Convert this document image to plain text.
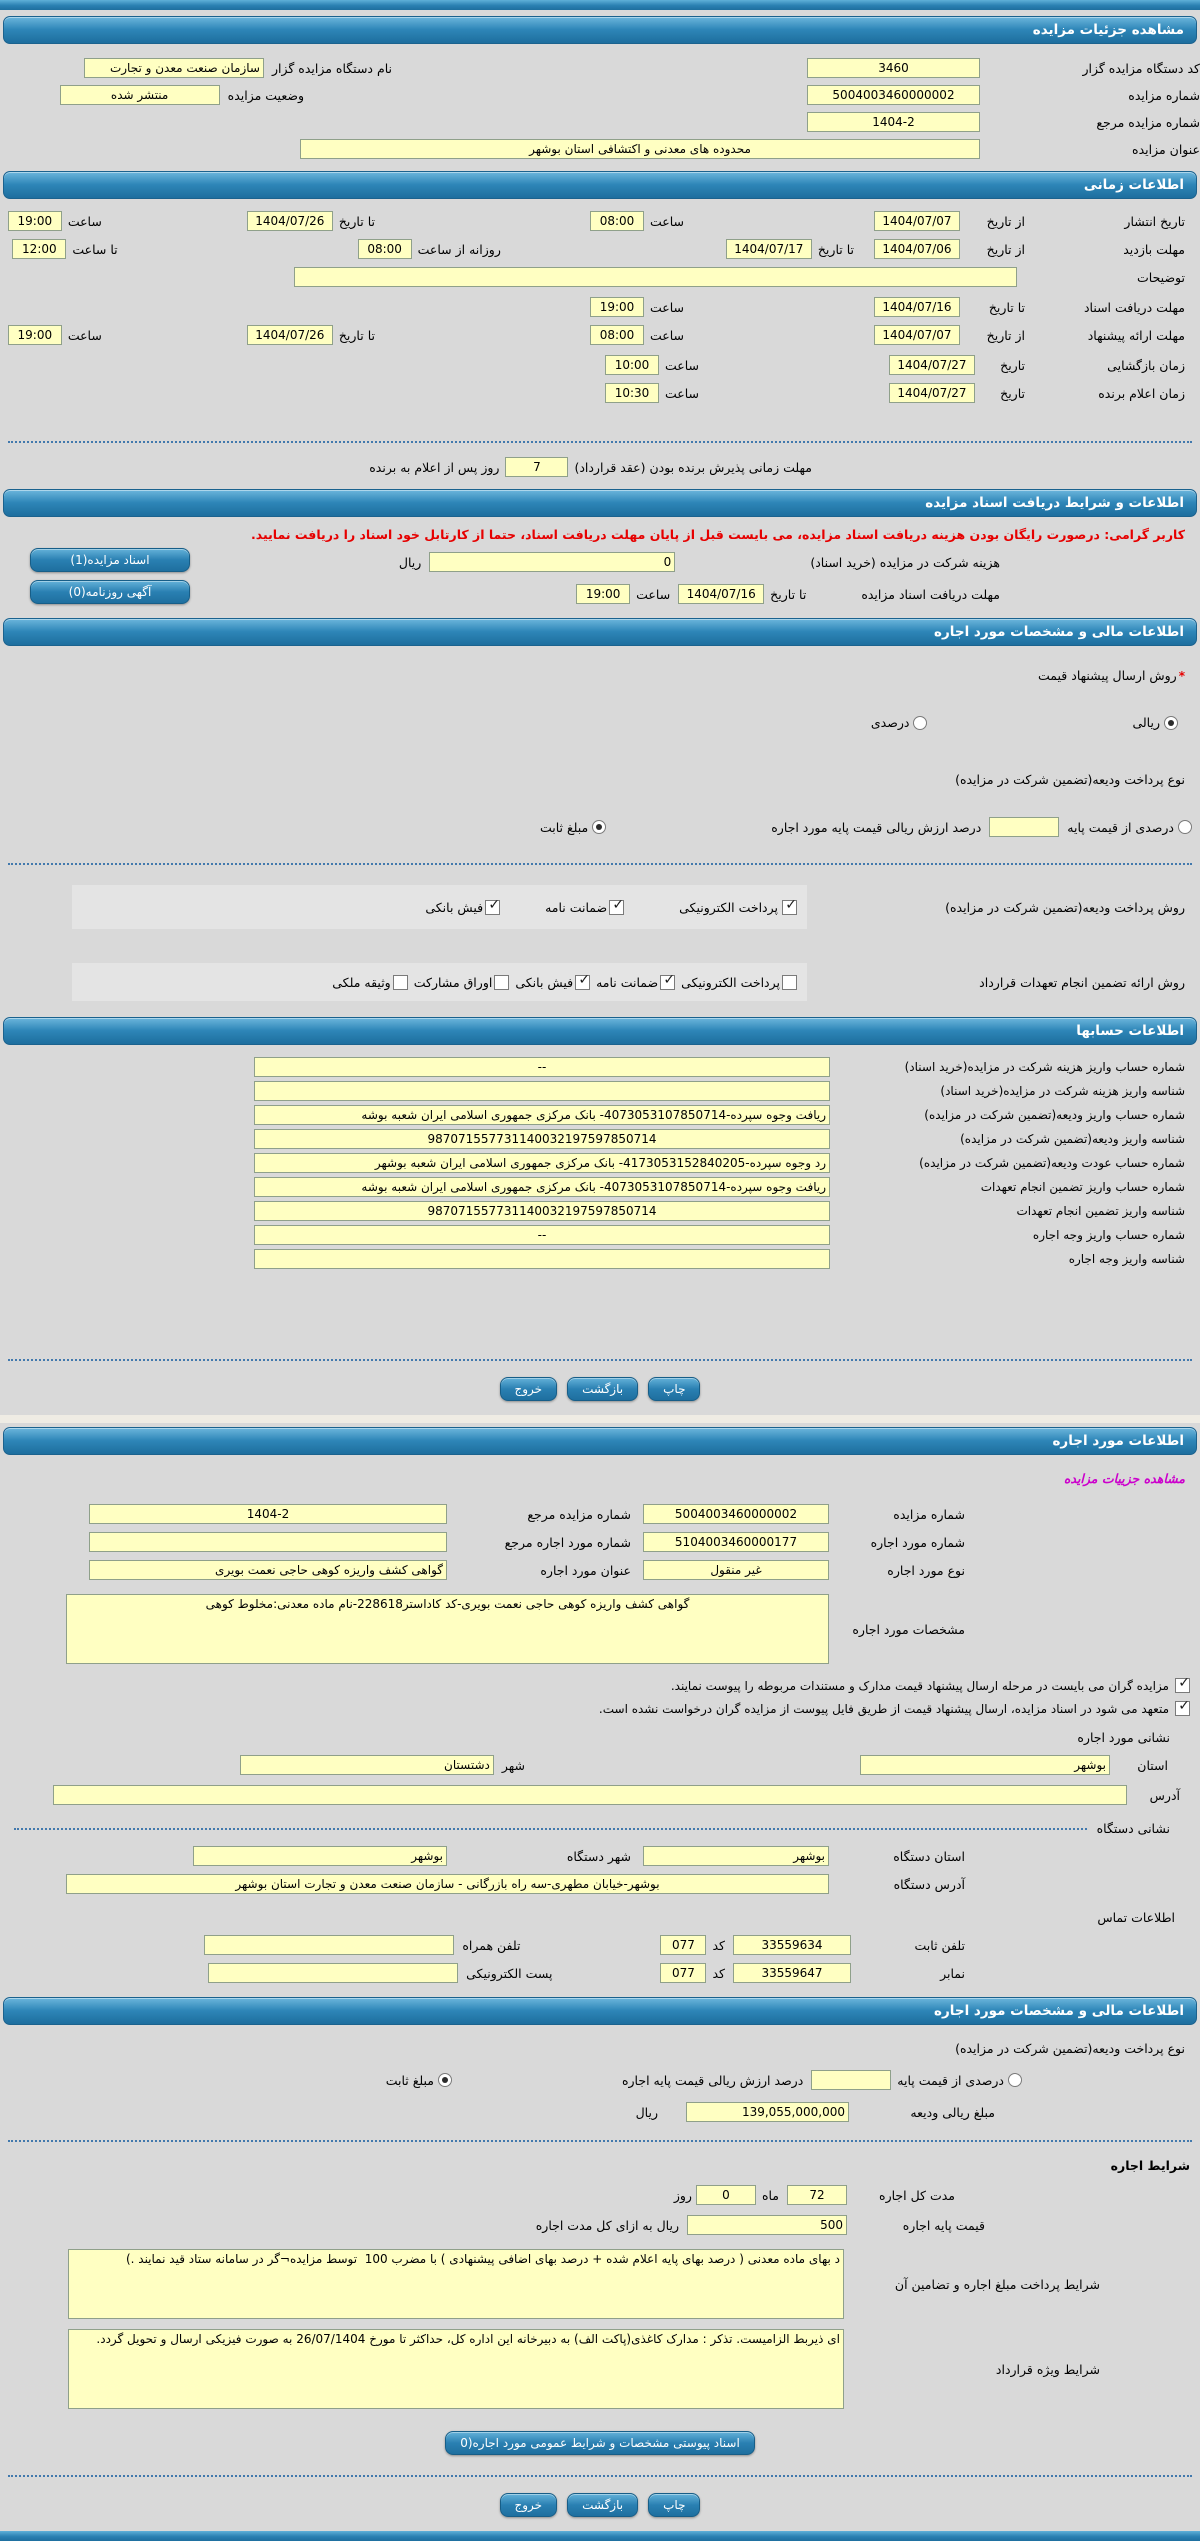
مشاهده جزئیات مزایده
کد دستگاه مزایده گزار
3460
نام دستگاه مزایده گزار
سازمان صنعت معدن و تجارت
شماره مزایده
5004003460000002
وضعیت مزایده
منتشر شده
شماره مزایده مرجع
1404-2
عنوان مزایده
محدوده های معدنی و اکتشافی استان بوشهر
اطلاعات زمانی
تاریخ انتشار
از تاریخ
1404/07/07
ساعت
08:00
تا تاریخ
1404/07/26
ساعت
19:00
مهلت بازدید
از تاریخ
1404/07/06
تا تاریخ
1404/07/17
روزانه از ساعت
08:00
تا ساعت
12:00
توضیحات
مهلت دریافت اسناد
تا تاریخ
1404/07/16
ساعت
19:00
مهلت ارائه پیشنهاد
از تاریخ
1404/07/07
ساعت
08:00
تا تاریخ
1404/07/26
ساعت
19:00
زمان بازگشایی
تاریخ
1404/07/27
ساعت
10:00
زمان اعلام برنده
تاریخ
1404/07/27
ساعت
10:30
مهلت زمانی پذیرش برنده بودن (عقد قرارداد)
7
روز پس از اعلام به برنده
اطلاعات و شرایط دریافت اسناد مزایده
کاربر گرامی: درصورت رایگان بودن هزینه دریافت اسناد مزایده، می بایست قبل از پایان مهلت دریافت اسناد، حتما از کارتابل خود اسناد را دریافت نمایید.
هزینه شرکت در مزایده (خرید اسناد)
0
ریال
اسناد مزایده(1)
مهلت دریافت اسناد مزایده
تا تاریخ
1404/07/16
ساعت
19:00
آگهی روزنامه(0)
اطلاعات مالی و مشخصات مورد اجاره
*
روش ارسال پیشنهاد قیمت
ریالی
درصدی
نوع پرداخت ودیعه(تضمین شرکت در مزایده)
درصدی از قیمت پایه
درصد ارزش ریالی قیمت پایه مورد اجاره
مبلغ ثابت
روش پرداخت ودیعه(تضمین شرکت در مزایده)
✓
پرداخت الکترونیکی
✓
ضمانت نامه
✓
فیش بانکی
روش ارائه تضمین انجام تعهدات قرارداد
پرداخت الکترونیکی
✓
ضمانت نامه
✓
فیش بانکی
اوراق مشارکت
وثیقه ملکی
اطلاعات حسابها
شماره حساب واریز هزینه شرکت در مزایده(خرید اسناد)
--
شناسه واریز هزینه شرکت در مزایده(خرید اسناد)
شماره حساب واریز ودیعه(تضمین شرکت در مزایده)
ریافت وجوه سپرده-4073053107850714- بانک مرکزی جمهوری اسلامی ایران شعبه بوشه
شناسه واریز ودیعه(تضمین شرکت در مزایده)
987071557731140032197597850714
شماره حساب عودت ودیعه(تضمین شرکت در مزایده)
رد وجوه سپرده-4173053152840205- بانک مرکزی جمهوری اسلامی ایران شعبه بوشهر
شماره حساب واریز تضمین انجام تعهدات
ریافت وجوه سپرده-4073053107850714- بانک مرکزی جمهوری اسلامی ایران شعبه بوشه
شناسه واریز تضمین انجام تعهدات
987071557731140032197597850714
شماره حساب واریز وجه اجاره
--
شناسه واریز وجه اجاره
چاپ
بازگشت
خروج
اطلاعات مورد اجاره
مشاهده جزییات مزایده
شماره مزایده
5004003460000002
شماره مزایده مرجع
1404-2
شماره مورد اجاره
5104003460000177
شماره مورد اجاره مرجع
نوع مورد اجاره
غیر منقول
عنوان مورد اجاره
گواهی کشف واریزه کوهی حاجی نعمت بویری
مشخصات مورد اجاره
گواهی کشف واریزه کوهی حاجی نعمت بویری-کد کاداستر228618-نام ماده معدنی:مخلوط کوهی
✓
مزایده گران می بایست در مرحله ارسال پیشنهاد قیمت مدارک و مستندات مربوطه را پیوست نمایند.
✓
متعهد می شود در اسناد مزایده، ارسال پیشنهاد قیمت از طریق فایل پیوست از مزایده گران درخواست نشده است.
نشانی مورد اجاره
استان
بوشهر
شهر
دشتستان
آدرس
نشانی دستگاه
استان دستگاه
بوشهر
شهر دستگاه
بوشهر
آدرس دستگاه
بوشهر-خیابان مطهری-سه راه بازرگانی - سازمان صنعت معدن و تجارت استان بوشهر
اطلاعات تماس
تلفن ثابت
33559634
کد
077
تلفن همراه
نمابر
33559647
کد
077
پست الکترونیکی
اطلاعات مالی و مشخصات مورد اجاره
نوع پرداخت ودیعه(تضمین شرکت در مزایده)
درصدی از قیمت پایه
درصد ارزش ریالی قیمت پایه اجاره
مبلغ ثابت
مبلغ ریالی ودیعه
139,055,000,000
ریال
شرایط اجاره
مدت کل اجاره
72
ماه
0
روز
قیمت پایه اجاره
500
ریال به ازای کل مدت اجاره
شرایط پرداخت مبلغ اجاره و تضامین آن
د بهای ماده معدنی ( درصد بهای پایه اعلام شده + درصد بهای اضافی پیشنهادی ) با مضرب 100 توسط مزایده¬گر در سامانه ستاد قید نمایند .)
شرایط ویژه قرارداد
ای ذیربط الزامیست. تذکر : مدارک کاغذی(پاکت الف) به دبیرخانه این اداره کل، حداکثر تا مورخ 26/07/1404 به صورت فیزیکی ارسال و تحویل گردد.
اسناد پیوستی مشخصات و شرایط عمومی مورد اجاره(0
چاپ
بازگشت
خروج
